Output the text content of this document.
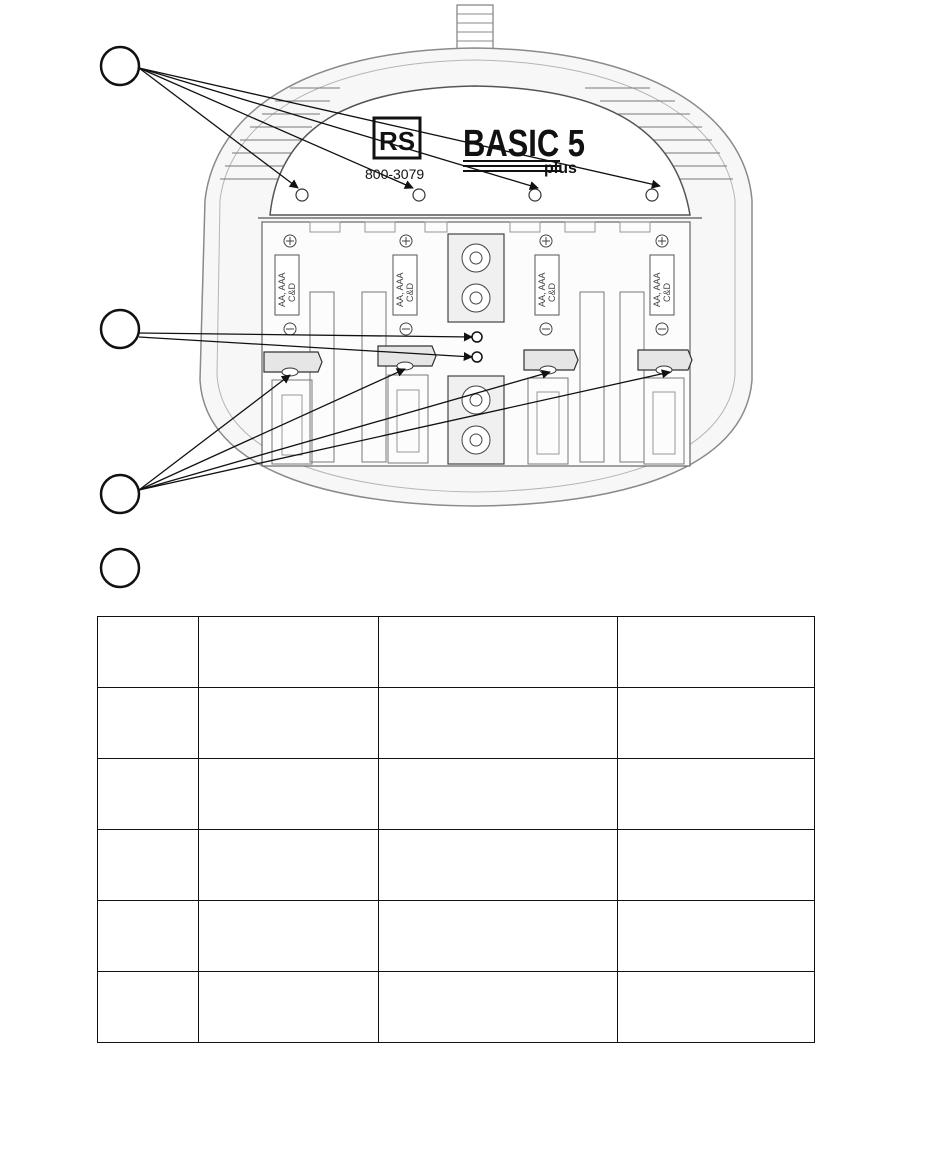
RS BASIC 5
plus
800-3079
AA, AAA C&D	AA, AAA C&D	AA, AAA C&D	AA, AAA C&D
